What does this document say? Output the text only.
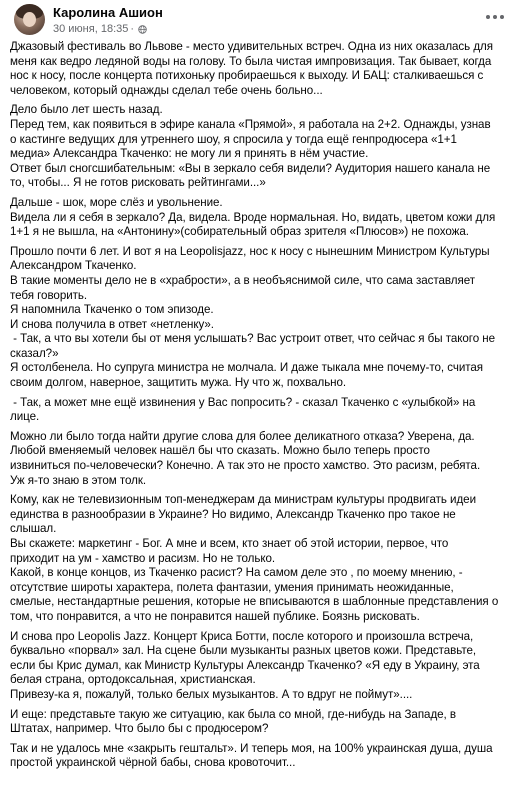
Каролина Ашион
30 июня, 18:35 ·
Джазовый фестиваль во Львове - место удивительных встреч. Одна из них оказалась для
меня как ведро ледяной воды на голову. То была чистая импровизация. Так бывает, когда
нос к носу, после концерта потихоньку пробираешься к выходу. И БАЦ: сталкиваешься с
человеком, который однажды сделал тебе очень больно...
Дело было лет шесть назад.
Перед тем, как появиться в эфире канала «Прямой», я работала на 2+2. Однажды, узнав
о кастинге ведущих для утреннего шоу, я спросила у тогда ещё генпродюсера «1+1
медиа» Александра Ткаченко: не могу ли я принять в нём участие.
Ответ был сногсшибательным: «Вы в зеркало себя видели? Аудитория нашего канала не
то, чтобы... Я не готов рисковать рейтингами...»
Дальше - шок, море слёз и увольнение.
Видела ли я себя в зеркало? Да, видела. Вроде нормальная. Но, видать, цветом кожи для
1+1 я не вышла, на «Антонину»(собирательный образ зрителя «Плюсов») не похожа.
Прошло почти 6 лет. И вот я на Leopolisjazz, нос к носу с нынешним Министром Культуры
Александром Ткаченко.
В такие моменты дело не в «храбрости», а в необъяснимой силе, что сама заставляет
тебя говорить.
Я напомнила Ткаченко о том эпизоде.
И снова получила в ответ «нетленку».
- Так, а что вы хотели бы от меня услышать? Вас устроит ответ, что сейчас я бы такого не
сказал?»
Я остолбенела. Но супруга министра не молчала. И даже тыкала мне почему-то, считая
своим долгом, наверное, защитить мужа. Ну что ж, похвально.
- Так, а может мне ещё извинения у Вас попросить? - сказал Ткаченко с «улыбкой» на
лице.
Можно ли было тогда найти другие слова для более деликатного отказа? Уверена, да.
Любой вменяемый человек нашёл бы что сказать. Можно было теперь просто
извиниться по-человечески? Конечно. А так это не просто хамство. Это расизм, ребята.
Уж я-то знаю в этом толк.
Кому, как не телевизионным топ-менеджерам да министрам культуры продвигать идеи
единства в разнообразии в Украине? Но видимо, Александр Ткаченко про такое не
слышал.
Вы скажете: маркетинг - Бог. А мне и всем, кто знает об этой истории, первое, что
приходит на ум - хамство и расизм. Но не только.
Какой, в конце концов, из Ткаченко расист? На самом деле это , по моему мнению, -
отсутствие широты характера, полета фантазии, умения принимать неожиданные,
смелые, нестандартные решения, которые не вписываются в шаблонные представления о
том, что понравится, а что не понравится нашей публике. Боязнь рисковать.
И снова про Leopolis Jazz. Концерт Криса Ботти, после которого и произошла встреча,
буквально «порвал» зал. На сцене были музыканты разных цветов кожи. Представьте,
если бы Крис думал, как Министр Культуры Александр Ткаченко? «Я еду в Украину, эта
белая страна, ортодоксальная, христианская.
Привезу-ка я, пожалуй, только белых музыкантов. А то вдруг не поймут»....
И еще: представьте такую же ситуацию, как была со мной, где-нибудь на Западе, в
Штатах, например. Что было бы с продюсером?
Так и не удалось мне «закрыть гештальт». И теперь моя, на 100% украинская душа, душа
простой украинской чёрной бабы, снова кровоточит...
